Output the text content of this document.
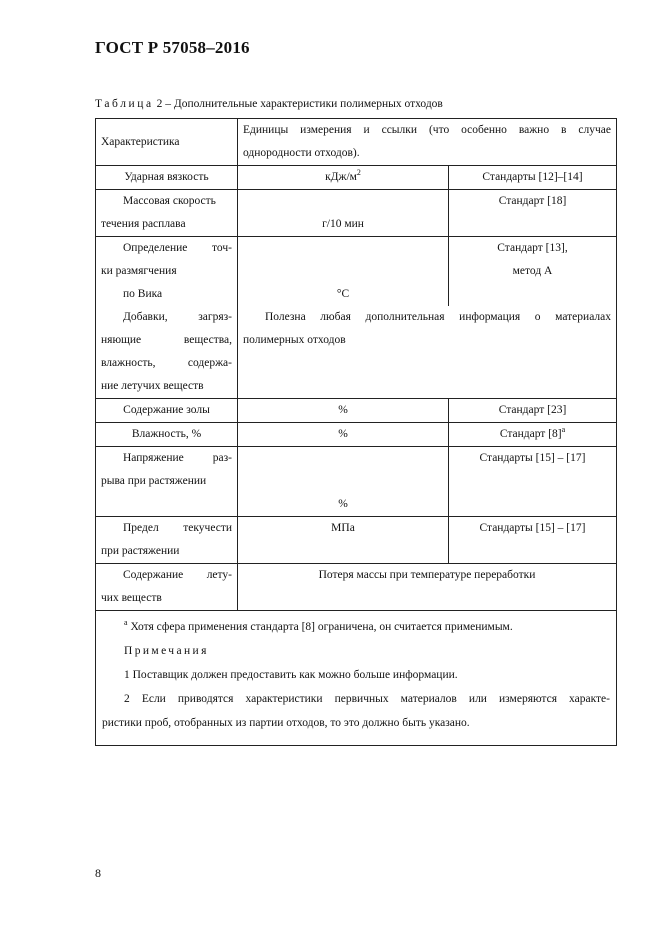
ГОСТ Р 57058–2016
Таблица 2 – Дополнительные характеристики полимерных отходов
Характеристика	Единицы измерения и ссылки (что особенно важно в случае
однородности отходов).	

Ударная вязкость	кДж/$м^2$	Стандарты [12]–[14]

Массовая скорость
течения расплава	г/10 мин	Стандарт [18]

Определение точ-
ки размягчения
по Вика	°С	Стандарт [13],
метод А

Добавки, загряз-
няющие вещества,
влажность, содержа-
ние летучих веществ	Полезна любая дополнительная информация о материалах
полимерных отходов	

Содержание золы	%	Стандарт [23]
Влажность, %	%	Стандарт $[8]^а$

Напряжение раз-
рыва при растяжении	%	Стандарты [15] – [17]

Предел текучести
при растяжении	МПа	Стандарты [15] – [17]

Содержание лету-
чих веществ	Потеря массы при температуре переработки	

$^а$ Хотя сфера применения стандарта [8] ограничена, он считается применимым.
Примечания
1 Поставщик должен предоставить как можно больше информации.
2 Если приводятся характеристики первичных материалов или измеряются характе-
ристики проб, отобранных из партии отходов, то это должно быть указано.		
8
